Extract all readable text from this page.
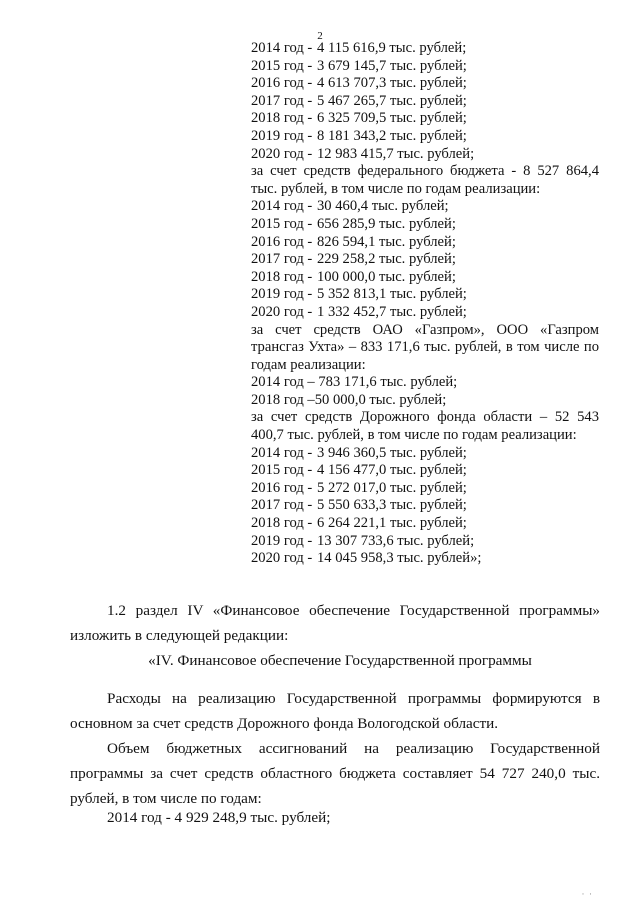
2
2014 год - 4 115 616,9 тыс. рублей;
2015 год - 3 679 145,7 тыс. рублей;
2016 год - 4 613 707,3 тыс. рублей;
2017 год - 5 467 265,7 тыс. рублей;
2018 год - 6 325 709,5 тыс. рублей;
2019 год - 8 181 343,2 тыс. рублей;
2020 год - 12 983 415,7 тыс. рублей;
за счет средств федерального бюджета - 8 527 864,4 тыс. рублей, в том числе по годам реализации:
2014 год - 30 460,4 тыс. рублей;
2015 год - 656 285,9 тыс. рублей;
2016 год - 826 594,1 тыс. рублей;
2017 год - 229 258,2 тыс. рублей;
2018 год - 100 000,0 тыс. рублей;
2019 год - 5 352 813,1 тыс. рублей;
2020 год - 1 332 452,7 тыс. рублей;
за счет средств ОАО «Газпром», ООО «Газпром трансгаз Ухта» – 833 171,6 тыс. рублей, в том числе по годам реализации:
2014 год – 783 171,6 тыс. рублей;
2018 год –50 000,0 тыс. рублей;
за счет средств Дорожного фонда области – 52 543 400,7 тыс. рублей, в том числе по годам реализации:
2014 год - 3 946 360,5 тыс. рублей;
2015 год - 4 156 477,0 тыс. рублей;
2016 год - 5 272 017,0 тыс. рублей;
2017 год - 5 550 633,3 тыс. рублей;
2018 год - 6 264 221,1 тыс. рублей;
2019 год - 13 307 733,6 тыс. рублей;
2020 год - 14 045 958,3 тыс. рублей»;
1.2 раздел IV «Финансовое обеспечение Государственной программы» изложить в следующей редакции:
«IV. Финансовое обеспечение Государственной программы
Расходы на реализацию Государственной программы формируются в основном за счет средств Дорожного фонда Вологодской области.
Объем бюджетных ассигнований на реализацию Государственной программы за счет средств областного бюджета составляет 54 727 240,0 тыс. рублей, в том числе по годам:
2014 год - 4 929 248,9 тыс. рублей;
·  ·
